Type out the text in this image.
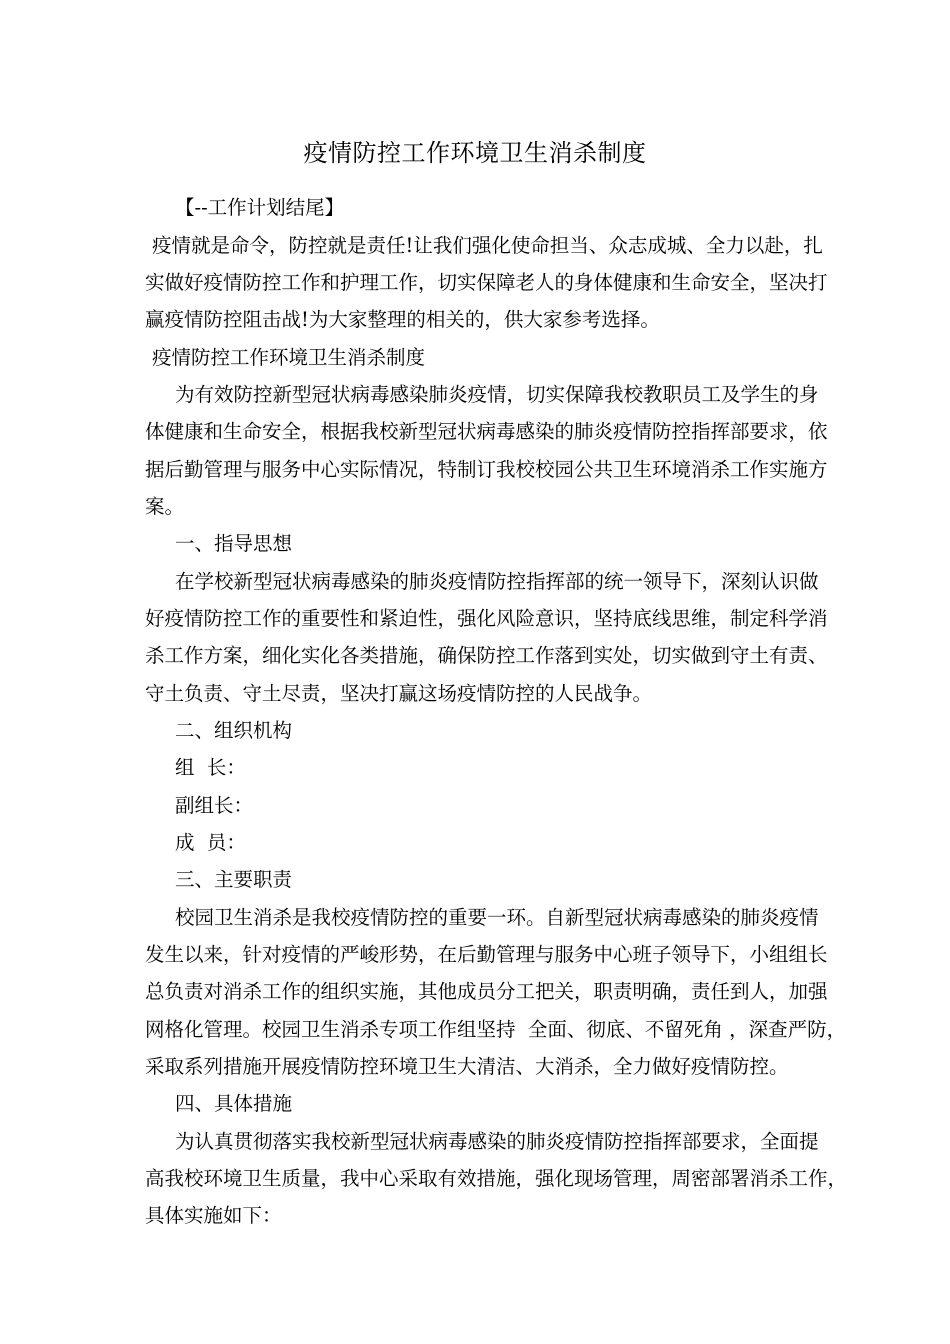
疫情防控工作环境卫生消杀制度
【--工作计划结尾】
疫情就是命令，防控就是责任!让我们强化使命担当、众志成城、全力以赴，扎
实做好疫情防控工作和护理工作，切实保障老人的身体健康和生命安全，坚决打
赢疫情防控阻击战!为大家整理的相关的，供大家参考选择。
疫情防控工作环境卫生消杀制度
为有效防控新型冠状病毒感染肺炎疫情，切实保障我校教职员工及学生的身
体健康和生命安全，根据我校新型冠状病毒感染的肺炎疫情防控指挥部要求，依
据后勤管理与服务中心实际情况，特制订我校校园公共卫生环境消杀工作实施方
案。
一、指导思想
在学校新型冠状病毒感染的肺炎疫情防控指挥部的统一领导下，深刻认识做
好疫情防控工作的重要性和紧迫性，强化风险意识，坚持底线思维，制定科学消
杀工作方案，细化实化各类措施，确保防控工作落到实处，切实做到守土有责、
守土负责、守土尽责，坚决打赢这场疫情防控的人民战争。
二、组织机构
组  长：
副组长：
成  员：
三、主要职责
校园卫生消杀是我校疫情防控的重要一环。自新型冠状病毒感染的肺炎疫情
发生以来，针对疫情的严峻形势，在后勤管理与服务中心班子领导下，小组组长
总负责对消杀工作的组织实施，其他成员分工把关，职责明确，责任到人，加强
网格化管理。校园卫生消杀专项工作组坚持  全面、彻底、不留死角 ，深查严防，
采取系列措施开展疫情防控环境卫生大清洁、大消杀，全力做好疫情防控。
四、具体措施
为认真贯彻落实我校新型冠状病毒感染的肺炎疫情防控指挥部要求，全面提
高我校环境卫生质量，我中心采取有效措施，强化现场管理，周密部署消杀工作，
具体实施如下：
